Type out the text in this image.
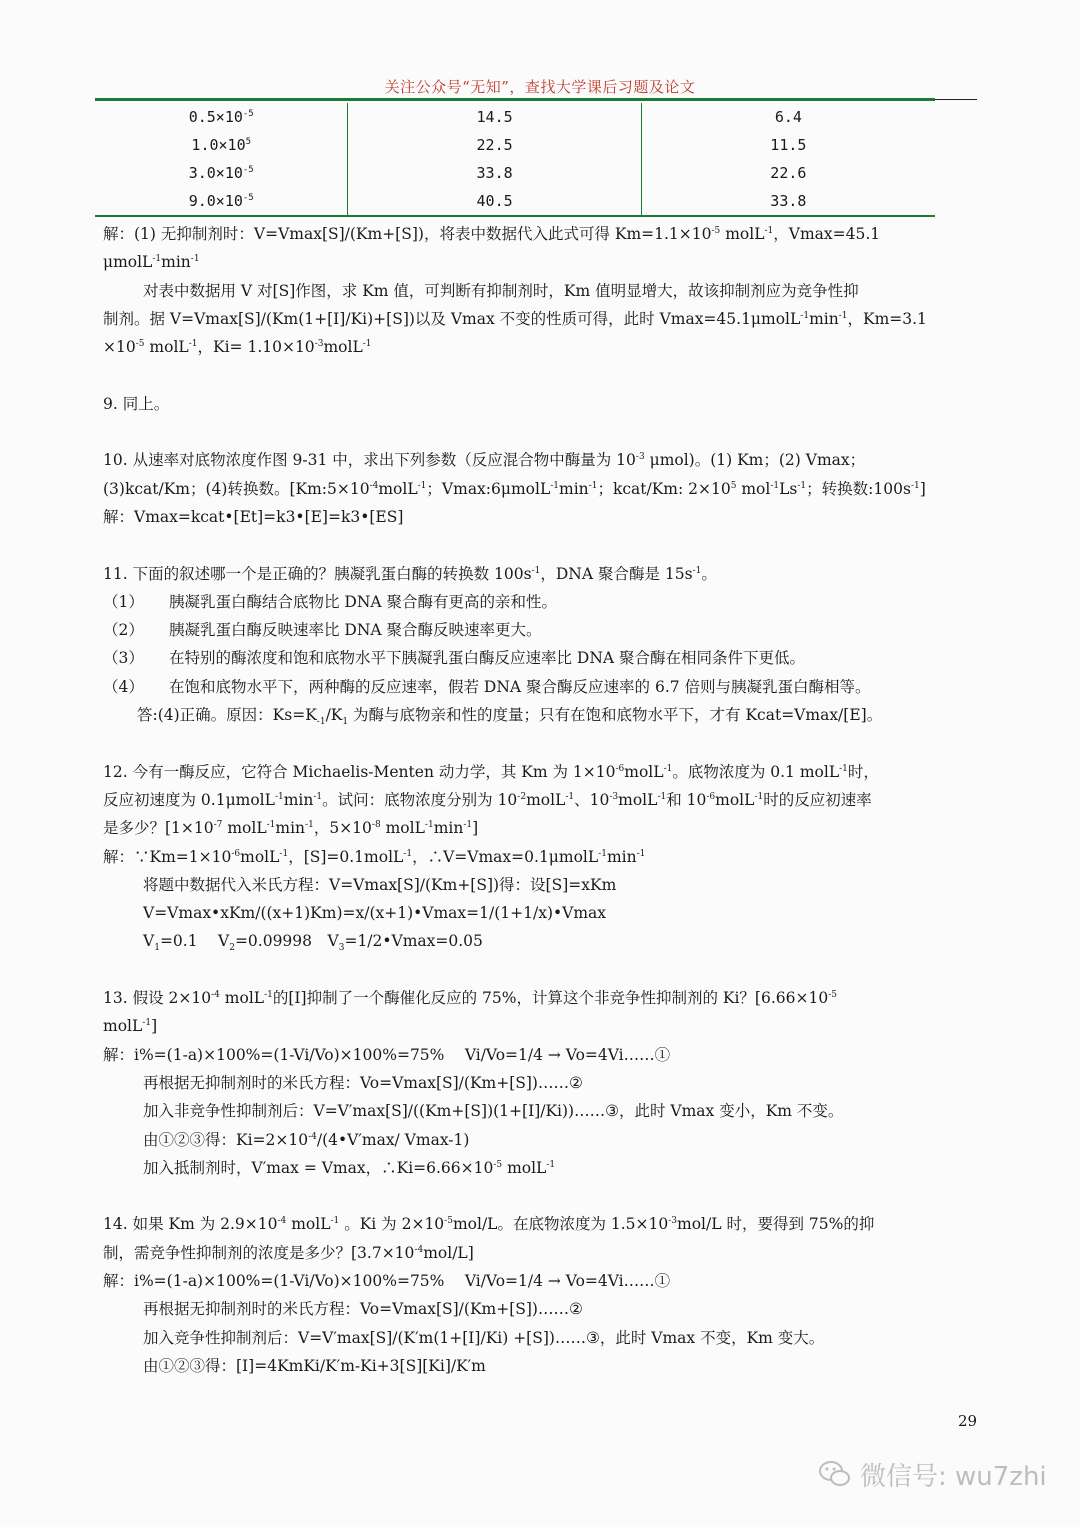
关注公众号“无知”，查找大学课后习题及论文
$0.5\times 10^{-5}$	14.5	6.4
$1.0\times 10^5$	22.5	11.5
$3.0\times 10^{-5}$	33.8	22.6
$9.0\times 10^{-5}$	40.5	33.8

解：(1) 无抑制剂时：V=Vmax[S]/(Km+[S])，将表中数据代入此式可得 $Km=1.1\times 10^{-5}$ molL$^{-1}$，Vmax=45.1

$\mu molL^{-1}\min^{-1}$

对表中数据用 V 对[S]作图，求 Km 值，可判断有抑制剂时，Km 值明显增大，故该抑制剂应为竞争性抑

制剂。据 V=Vmax[S]/(Km(1+[I]/Ki)+[S])以及 Vmax 不变的性质可得，此时 $Vmax=45.1\mu molL^{-1}\min^{-1}$，Km=3.1

$\times 10^{-5}$ molL$^{-1}$，$Ki= 1.10\times 10^{-3}molL^{-1}$

9. 同上。

10. 从速率对底物浓度作图 9-31 中，求出下列参数（反应混合物中酶量为 $10^{-3}$ μmol)。(1) Km；(2) Vmax；

(3)kcat/Km；(4)转换数。[$Km:5\times 10^{-4}molL^{-1}$；$Vmax:6\mu molL^{-1}\min^{-1}$；kcat/Km: $2\times 10^5$ $mol^{-1}Ls^{-1}$；转换数$:100s^{-1}$]

解：Vmax=kcat•[Et]=k3•[E]=k3•[ES]

11. 下面的叙述哪一个是正确的？胰凝乳蛋白酶的转换数 $100s^{-1}$，DNA 聚合酶是 $15s^{-1}$。

（1）	胰凝乳蛋白酶结合底物比 DNA 聚合酶有更高的亲和性。
（2）	胰凝乳蛋白酶反映速率比 DNA 聚合酶反映速率更大。
（3）	在特别的酶浓度和饱和底物水平下胰凝乳蛋白酶反应速率比 DNA 聚合酶在相同条件下更低。
（4）	在饱和底物水平下，两种酶的反应速率，假若 DNA 聚合酶反应速率的 6.7 倍则与胰凝乳蛋白酶相等。

答:(4)正确。原因：$Ks=K_{-1}/K_1$ 为酶与底物亲和性的度量；只有在饱和底物水平下，才有 Kcat=Vmax/[E]。

12. 今有一酶反应，它符合 Michaelis-Menten 动力学，其 Km 为 $1\times 10^{-6}molL^{-1}$。底物浓度为 0.1 molL$^{-1}$时，

反应初速度为 $0.1\mu molL^{-1}\min^{-1}$。试问：底物浓度分别为 $10^{-2}molL^{-1}$、$10^{-3}molL^{-1}$和 $10^{-6}molL^{-1}$时的反应初速率

是多少？[$1\times 10^{-7}$ $molL^{-1}\min^{-1}$，$5\times 10^{-8}$ $molL^{-1}\min^{-1}$]

解：$\because Km=1\times 10^{-6}molL^{-1}$，[S]=0.1molL$^{-1}$，$\therefore V=Vmax=0.1\mu molL^{-1}\min^{-1}$

将题中数据代入米氏方程：V=Vmax[S]/(Km+[S])得：设[S]=xKm

V=Vmax•xKm/((x+1)Km)=x/(x+1)•Vmax=1/(1+1/x)•Vmax

$V_1=0.1$　 $V_2=0.09998$　$V_3=1/2•Vmax=0.05$

13. 假设 $2\times 10^{-4}$ molL$^{-1}$的[I]抑制了一个酶催化反应的 75%，计算这个非竞争性抑制剂的 Ki？[$6.66\times 10^{-5}$

molL$^{-1}$]

解：i%=(1-a)×100%=(1-Vi/Vo)×100%=75%　 Vi/Vo=1/4 → Vo=4Vi……①

再根据无抑制剂时的米氏方程：Vo=Vmax[S]/(Km+[S])……②

加入非竞争性抑制剂后：V=V′max[S]/((Km+[S])(1+[I]/Ki))……③，此时 Vmax 变小，Km 不变。

由①②③得：$Ki=2\times 10^{-4}/(4•V'\max/$ Vmax-1)

加入抵制剂时，V′max = Vmax，$\therefore Ki=6.66\times 10^{-5}$ molL$^{-1}$

14. 如果 Km 为 $2.9\times 10^{-4}$ molL$^{-1}$ 。Ki 为 $2\times 10^{-5}mol/L$。在底物浓度为 $1.5\times 10^{-3}mol/L$ 时，要得到 75%的抑

制，需竞争性抑制剂的浓度是多少？$[3.7\times 10^{-4}mol/L]$

解：i%=(1-a)×100%=(1-Vi/Vo)×100%=75%　 Vi/Vo=1/4 → Vo=4Vi……①

再根据无抑制剂时的米氏方程：Vo=Vmax[S]/(Km+[S])……②

加入竞争性抑制剂后：V=V′max[S]/(K′m(1+[I]/Ki) +[S])……③，此时 Vmax 不变，Km 变大。

由①②③得：[I]=4KmKi/K′m-Ki+3[S][Ki]/K′m

29
微信号: wu7zhi
